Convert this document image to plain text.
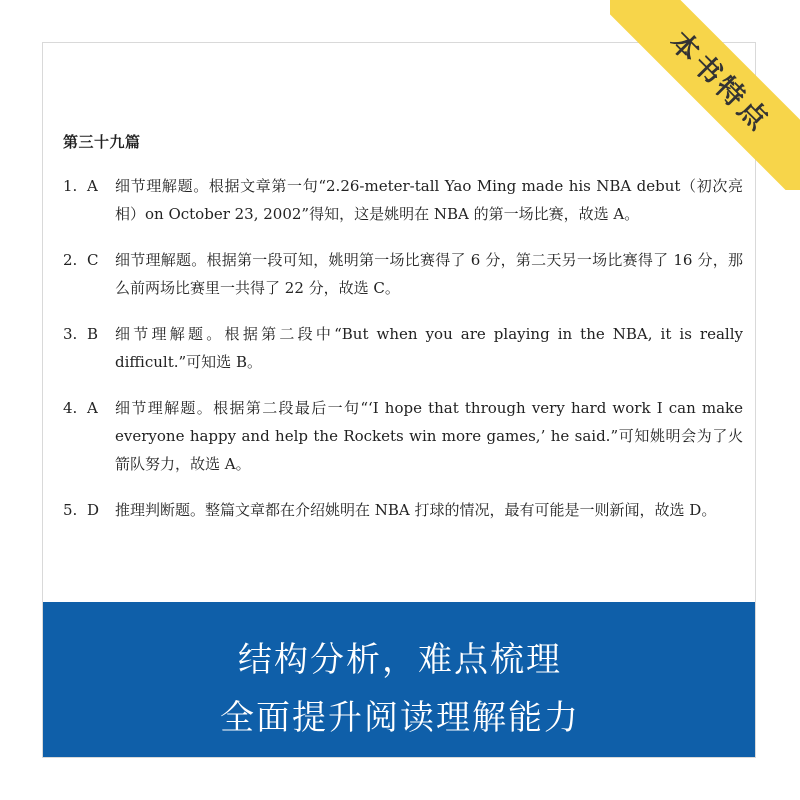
第三十九篇
1. A	细节理解题。根据文章第一句“2.26-meter-tall Yao Ming made his NBA debut（初次亮相）on October 23, 2002”得知，这是姚明在 NBA 的第一场比赛，故选 A。
2. C	细节理解题。根据第一段可知，姚明第一场比赛得了 6 分，第二天另一场比赛得了 16 分，那么前两场比赛里一共得了 22 分，故选 C。
3. B	细节理解题。根据第二段中“But when you are playing in the NBA, it is really difficult.”可知选 B。
4. A	细节理解题。根据第二段最后一句“‘I hope that through very hard work I can make everyone happy and help the Rockets win more games,’ he said.”可知姚明会为了火箭队努力，故选 A。
5. D	推理判断题。整篇文章都在介绍姚明在 NBA 打球的情况，最有可能是一则新闻，故选 D。
结构分析，难点梳理
全面提升阅读理解能力
本书特点
